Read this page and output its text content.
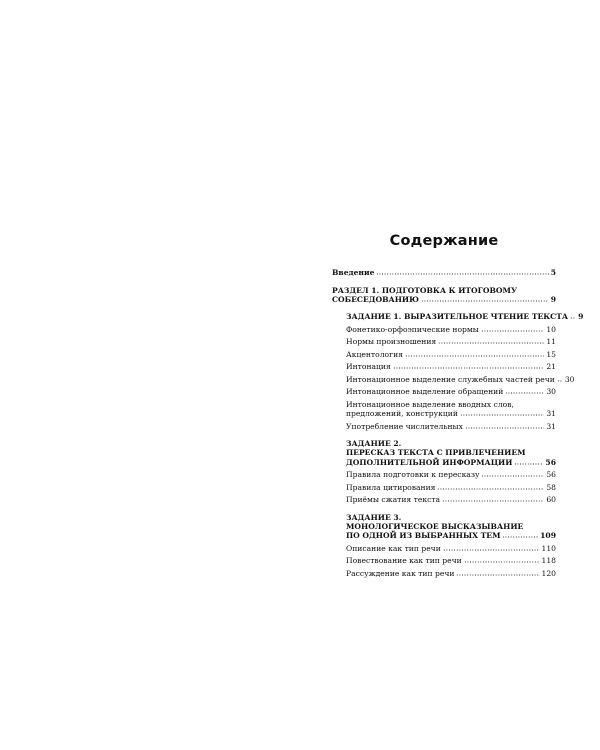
Содержание
Введение	5
РАЗДЕЛ 1. ПОДГОТОВКА К ИТОГОВОМУ
СОБЕСЕДОВАНИЮ	9
ЗАДАНИЕ 1. ВЫРАЗИТЕЛЬНОЕ ЧТЕНИЕ ТЕКСТА 9
Фонетико-орфоэпические нормы	10
Нормы произношения	11
Акцентология	15
Интонация	21
Интонационное выделение служебных частей речи 30
Интонационное выделение обращений	30
Интонационное выделение вводных слов,
предложений, конструкций	31
Употребление числительных	31
ЗАДАНИЕ 2.
ПЕРЕСКАЗ ТЕКСТА С ПРИВЛЕЧЕНИЕМ
ДОПОЛНИТЕЛЬНОЙ ИНФОРМАЦИИ	56
Правила подготовки к пересказу	56
Правила цитирования	58
Приёмы сжатия текста	60
ЗАДАНИЕ 3.
МОНОЛОГИЧЕСКОЕ ВЫСКАЗЫВАНИЕ
ПО ОДНОЙ ИЗ ВЫБРАННЫХ ТЕМ	109
Описание как тип речи	110
Повествование как тип речи	118
Рассуждение как тип речи	120
